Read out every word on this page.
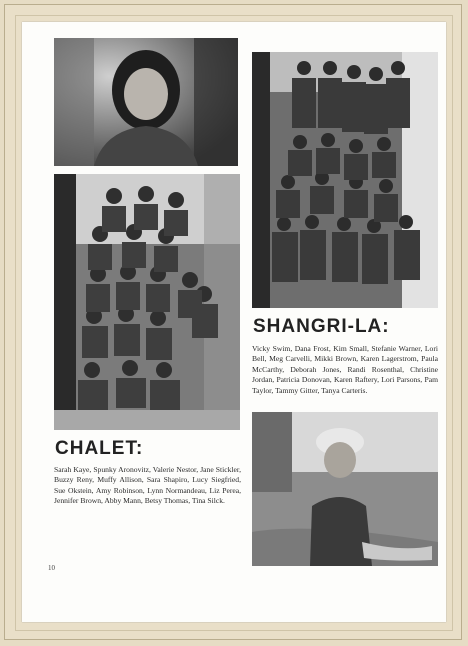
CHALET:
SHANGRI-LA:
Sarah Kaye, Spunky Aronovitz, Valerie Nestor, Jane Stickler, Buzzy Reny, Muffy Allison, Sara Shapiro, Lucy Siegfried, Sue Okstein, Amy Robinson, Lynn Normandeau, Liz Perea, Jennifer Brown, Abby Mann, Betsy Thomas, Tina Silck.
Vicky Swim, Dana Frost, Kim Small, Stefanie Warner, Lori Bell, Meg Carvelli, Mikki Brown, Karen Lagerstrom, Paula McCarthy, Deborah Jones, Randi Rosenthal, Christine Jordan, Patricia Donovan, Karen Raftery, Lori Parsons, Pam Taylor, Tammy Gitter, Tanya Carteris.
10
